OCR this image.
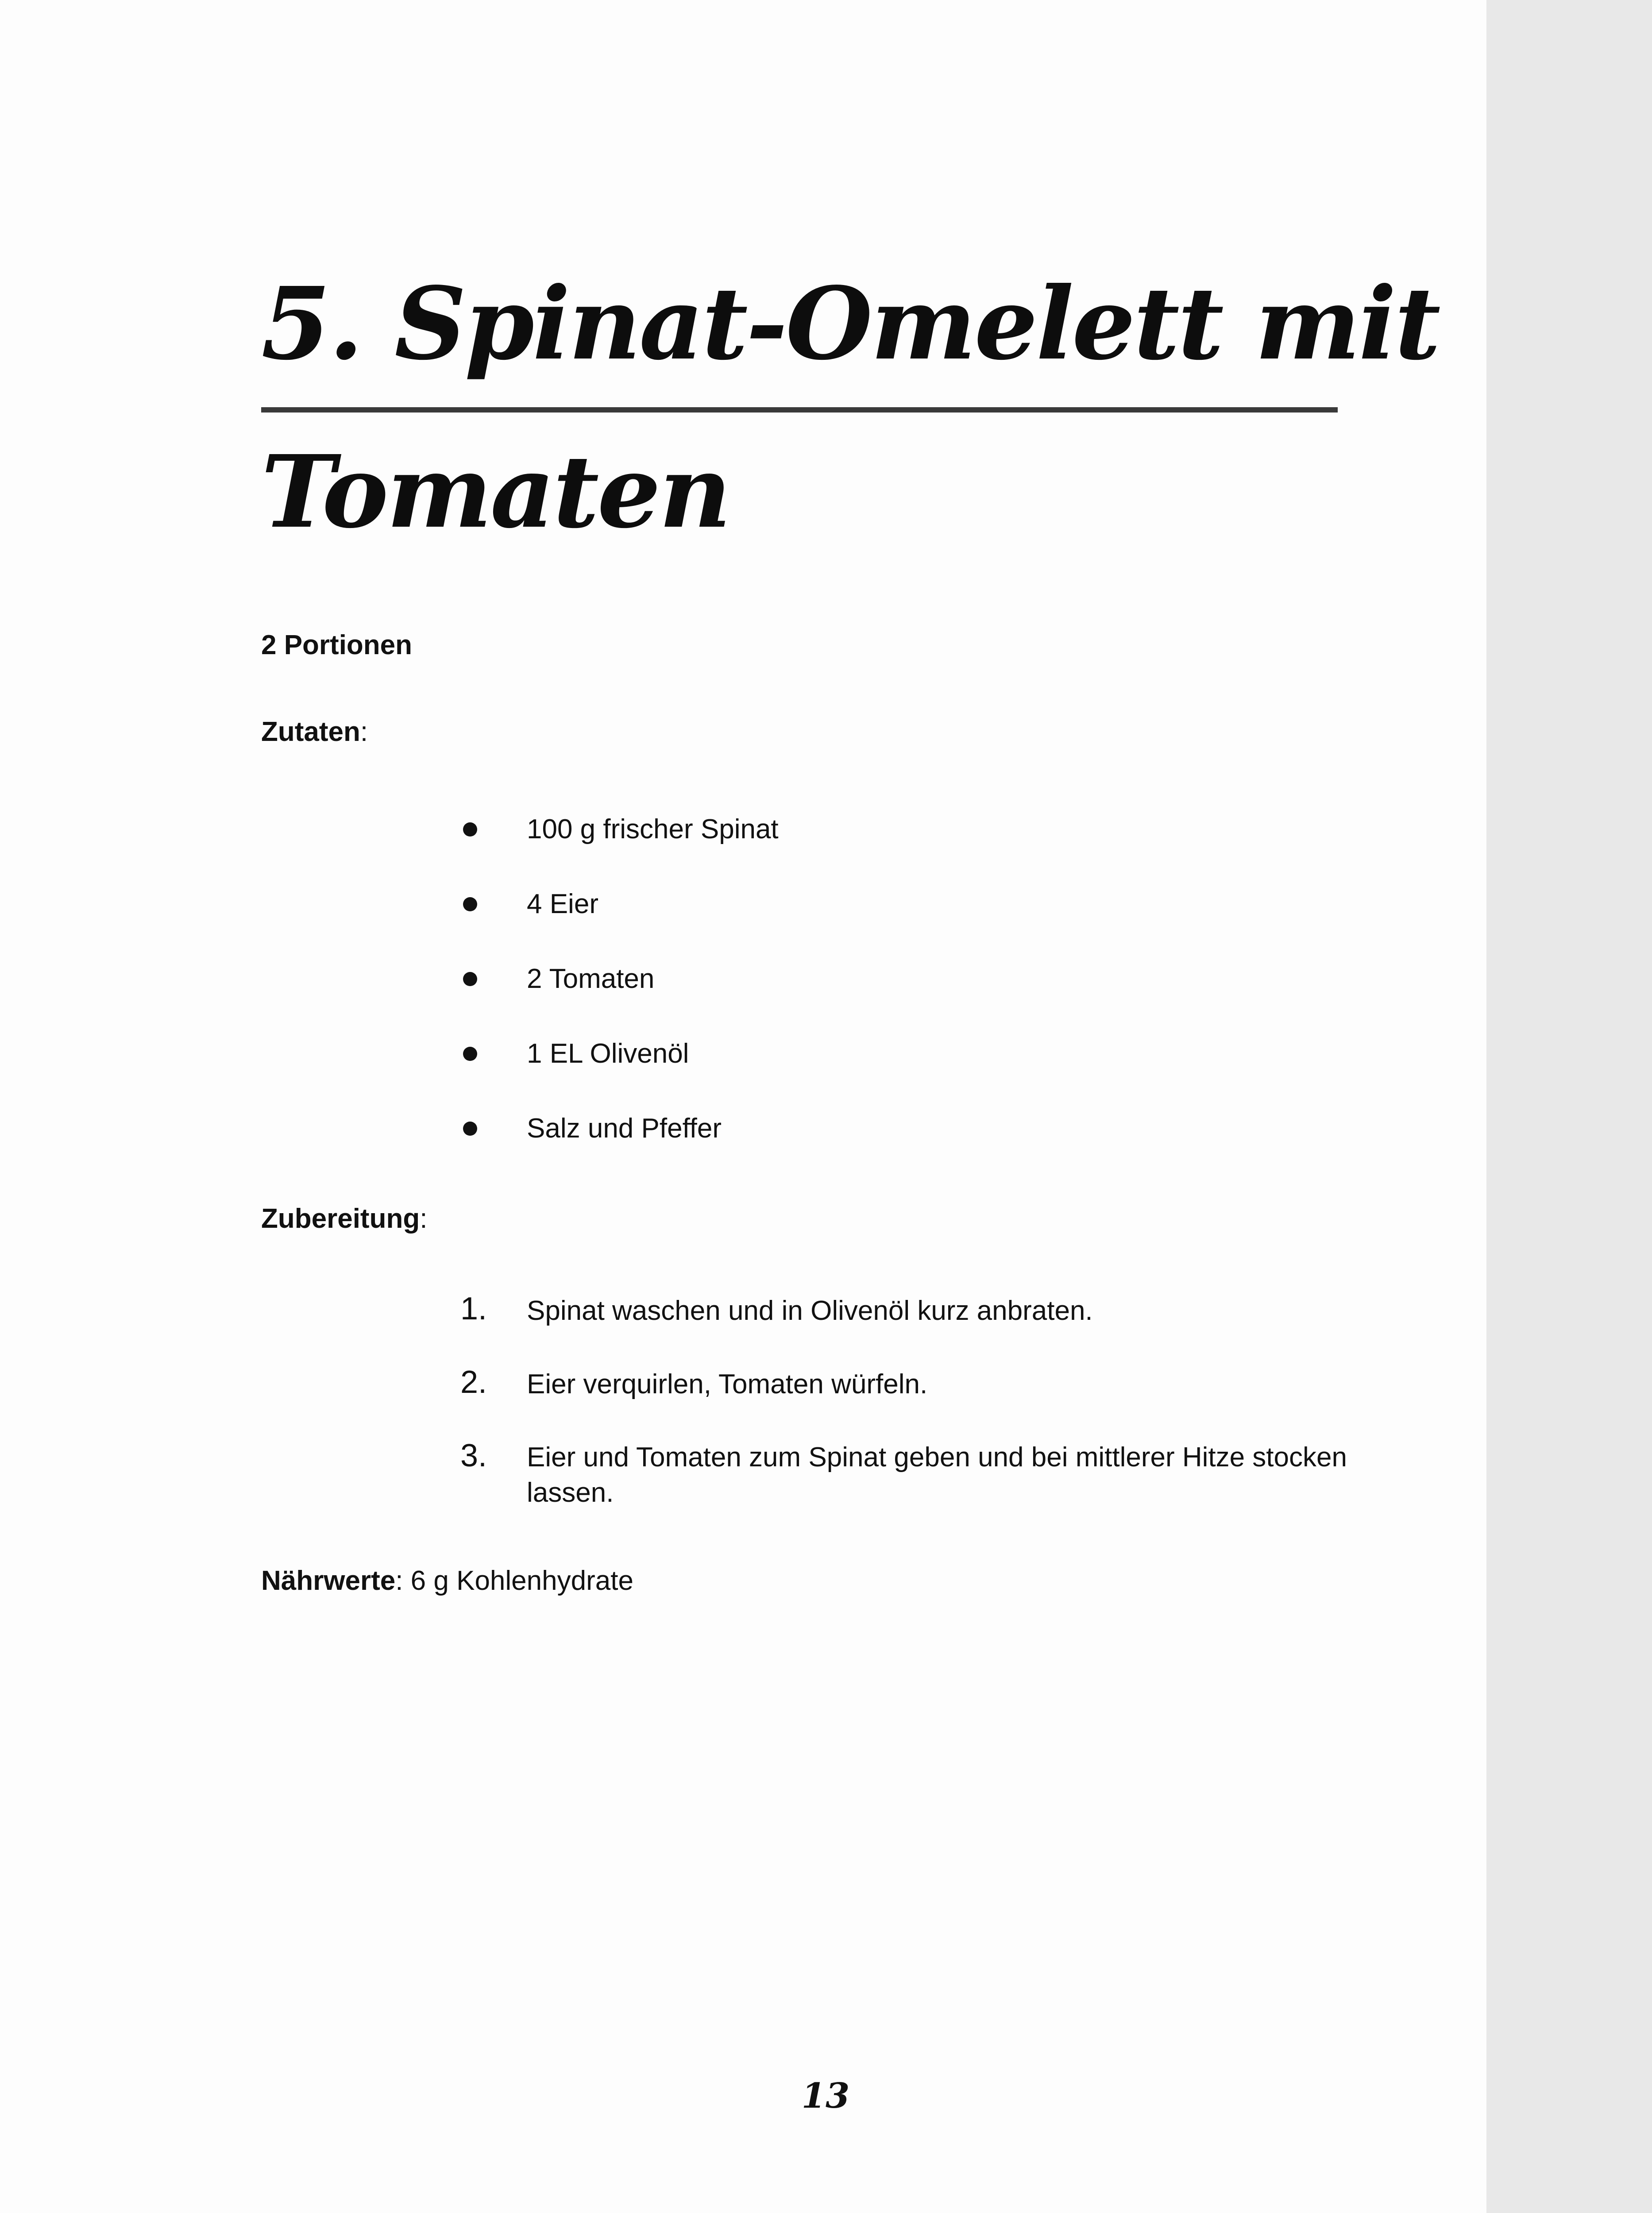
5. Spinat-Omelett mit
Tomaten
2 Portionen
Zutaten:
100 g frischer Spinat
4 Eier
2 Tomaten
1 EL Olivenöl
Salz und Pfeffer
Zubereitung:
1. Spinat waschen und in Olivenöl kurz anbraten.
2. Eier verquirlen, Tomaten würfeln.
3. Eier und Tomaten zum Spinat geben und bei mittlerer Hitze stocken
lassen.
Nährwerte: 6 g Kohlenhydrate
13
